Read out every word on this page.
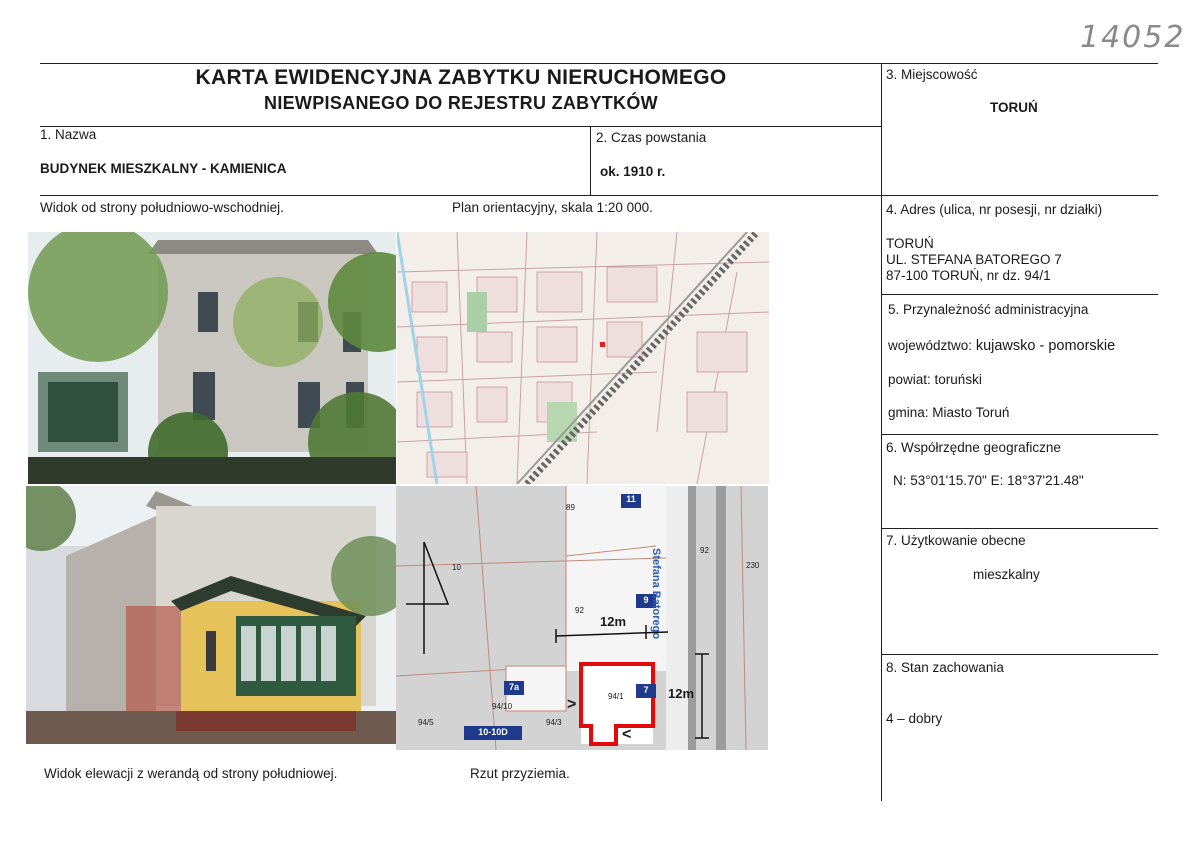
14052
KARTA EWIDENCYJNA ZABYTKU NIERUCHOMEGO
NIEWPISANEGO DO REJESTRU ZABYTKÓW
1. Nazwa
BUDYNEK MIESZKALNY - KAMIENICA
2. Czas powstania
ok. 1910 r.
3. Miejscowość
TORUŃ
4. Adres (ulica, nr posesji, nr działki)
TORUŃ
UL. STEFANA BATOREGO 7
87-100 TORUŃ, nr dz. 94/1
5. Przynależność administracyjna
województwo: kujawsko - pomorskie
powiat: toruński
gmina: Miasto Toruń
6. Współrzędne geograficzne
N: 53°01'15.70" E: 18°37'21.48"
7. Użytkowanie obecne
mieszkalny
8. Stan zachowania
4 – dobry
Widok od strony południowo-wschodniej.	Plan orientacyjny, skala 1:20 000.
Widok elewacji z werandą od strony południowej.	Rzut przyziemia.
Stefana Batorego
12m
12m
94/1
89
92
92
230
94/10
94/5	94/3
10
11
9
7
7a
10-10D
>
<
